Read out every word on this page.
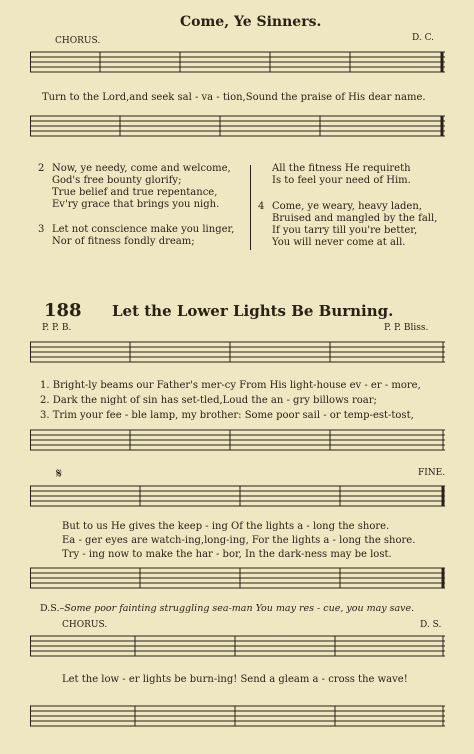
Come, Ye Sinners.
CHORUS.	D. C.
Turn to the Lord,and seek sal - va - tion,Sound the praise of His dear name.
2 Now, ye needy, come and welcome,
God's free bounty glorify;
True belief and true repentance,
Ev'ry grace that brings you nigh.
3 Let not conscience make you linger,
Nor of fitness fondly dream;
All the fitness He requireth
Is to feel your need of Him.
4 Come, ye weary, heavy laden,
Bruised and mangled by the fall,
If you tarry till you're better,
You will never come at all.
188 Let the Lower Lights Be Burning.
P. P. B.	P. P. Bliss.
1. Bright-ly beams our Father's mer-cy From His light-house ev - er - more,
2. Dark the night of sin has set-tled,Loud the an - gry billows roar;
3. Trim your fee - ble lamp, my brother: Some poor sail - or temp-est-tost,
𝄋	FINE.
But to us He gives the keep - ing Of the lights a - long the shore.
Ea - ger eyes are watch-ing,long-ing, For the lights a - long the shore.
Try - ing now to make the har - bor, In the dark-ness may be lost.
D.S.–Some poor fainting struggling sea-man You may res - cue, you may save.
CHORUS.	D. S.
Let the low - er lights be burn-ing! Send a gleam a - cross the wave!
